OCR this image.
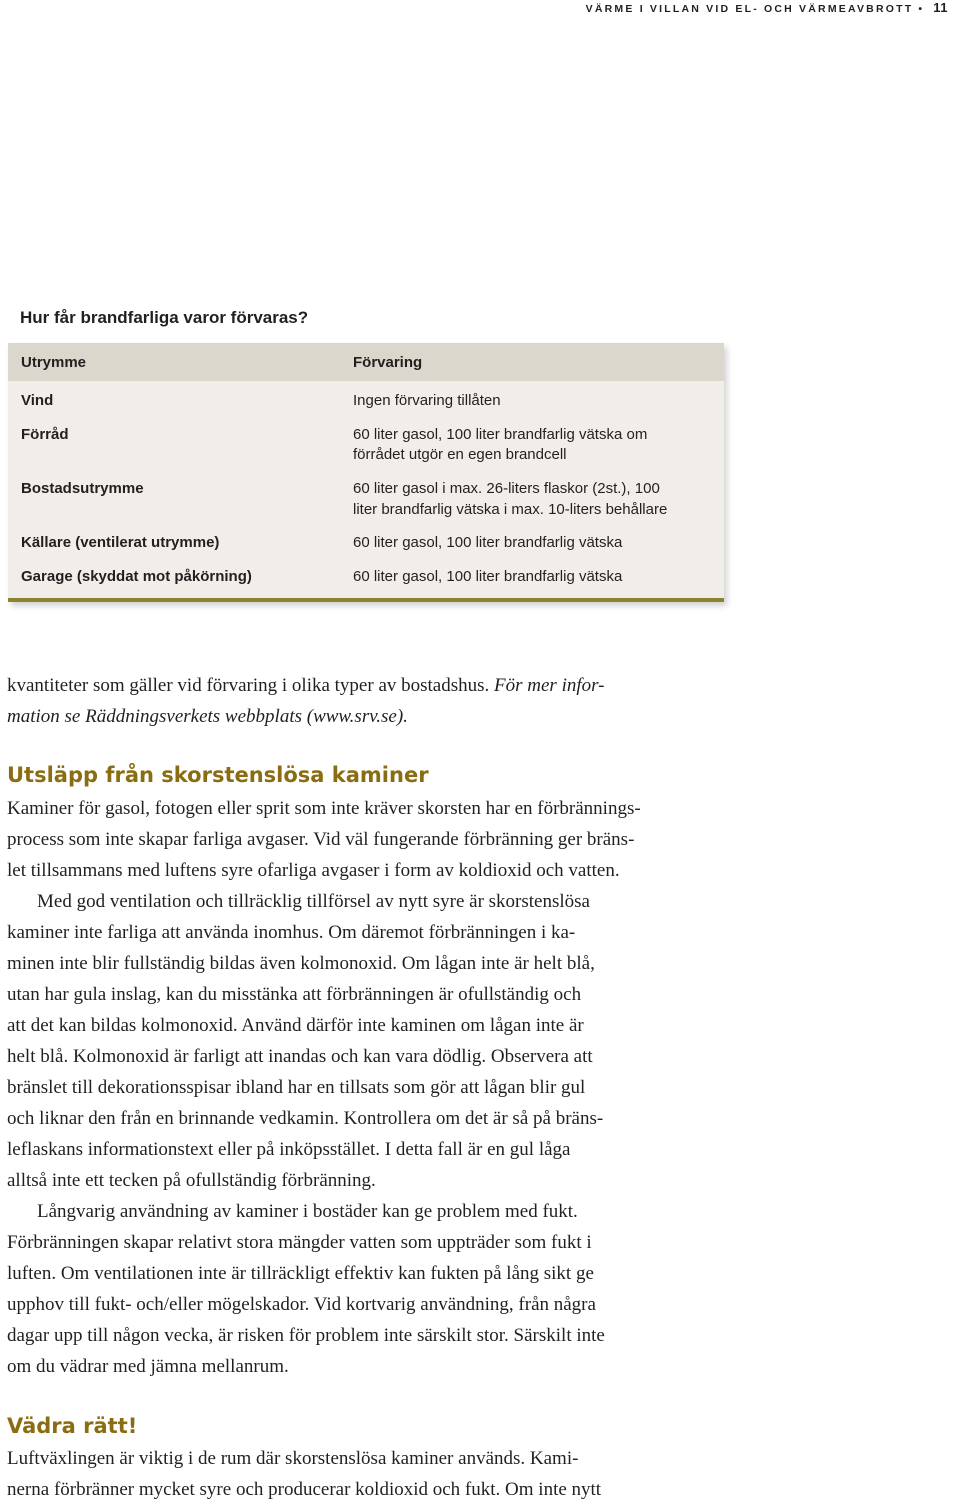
VÄRME I VILLAN VID EL- OCH VÄRMEAVBROTT • 11
Hur får brandfarliga varor förvaras?
Utrymme	Förvaring
Vind	Ingen förvaring tillåten
Förråd	60 liter gasol, 100 liter brandfarlig vätska om
förrådet utgör en egen brandcell
Bostadsutrymme	60 liter gasol i max. 26-liters flaskor (2st.), 100
liter brandfarlig vätska i max. 10-liters behållare
Källare (ventilerat utrymme)	60 liter gasol, 100 liter brandfarlig vätska
Garage (skyddat mot påkörning)	60 liter gasol, 100 liter brandfarlig vätska

kvantiteter som gäller vid förvaring i olika typer av bostadshus. För mer infor-

mation se Räddningsverkets webbplats (www.srv.se).

Utsläpp från skorstenslösa kaminer

Kaminer för gasol, fotogen eller sprit som inte kräver skorsten har en förbrännings-

process som inte skapar farliga avgaser. Vid väl fungerande förbränning ger bräns-

let tillsammans med luftens syre ofarliga avgaser i form av koldioxid och vatten.

Med god ventilation och tillräcklig tillförsel av nytt syre är skorstenslösa

kaminer inte farliga att använda inomhus. Om däremot förbränningen i ka-

minen inte blir fullständig bildas även kolmonoxid. Om lågan inte är helt blå,

utan har gula inslag, kan du misstänka att förbränningen är ofullständig och

att det kan bildas kolmonoxid. Använd därför inte kaminen om lågan inte är

helt blå. Kolmonoxid är farligt att inandas och kan vara dödlig. Observera att

bränslet till dekorationsspisar ibland har en tillsats som gör att lågan blir gul

och liknar den från en brinnande vedkamin. Kontrollera om det är så på bräns-

leflaskans informationstext eller på inköpsstället. I detta fall är en gul låga

alltså inte ett tecken på ofullständig förbränning.

Långvarig användning av kaminer i bostäder kan ge problem med fukt.

Förbränningen skapar relativt stora mängder vatten som uppträder som fukt i

luften. Om ventilationen inte är tillräckligt effektiv kan fukten på lång sikt ge

upphov till fukt- och/eller mögelskador. Vid kortvarig användning, från några

dagar upp till någon vecka, är risken för problem inte särskilt stor. Särskilt inte

om du vädrar med jämna mellanrum.

Vädra rätt!

Luftväxlingen är viktig i de rum där skorstenslösa kaminer används. Kami-

nerna förbränner mycket syre och producerar koldioxid och fukt. Om inte nytt
